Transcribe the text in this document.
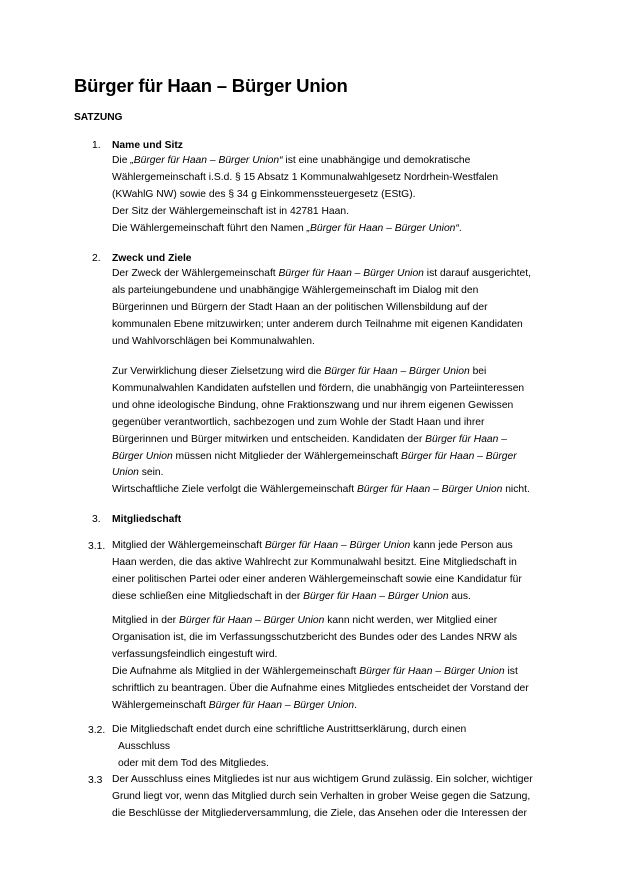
Bürger für Haan – Bürger Union
SATZUNG
1. Name und Sitz
Die „Bürger für Haan – Bürger Union“ ist eine unabhängige und demokratische
Wählergemeinschaft i.S.d. § 15 Absatz 1 Kommunalwahlgesetz Nordrhein-Westfalen
(KWahlG NW) sowie des § 34 g Einkommenssteuergesetz (EStG).
Der Sitz der Wählergemeinschaft ist in 42781 Haan.
Die Wählergemeinschaft führt den Namen „Bürger für Haan – Bürger Union“.
2. Zweck und Ziele
Der Zweck der Wählergemeinschaft Bürger für Haan – Bürger Union ist darauf ausgerichtet,
als parteiungebundene und unabhängige Wählergemeinschaft im Dialog mit den
Bürgerinnen und Bürgern der Stadt Haan an der politischen Willensbildung auf der
kommunalen Ebene mitzuwirken; unter anderem durch Teilnahme mit eigenen Kandidaten
und Wahlvorschlägen bei Kommunalwahlen.
Zur Verwirklichung dieser Zielsetzung wird die Bürger für Haan – Bürger Union bei
Kommunalwahlen Kandidaten aufstellen und fördern, die unabhängig von Parteiinteressen
und ohne ideologische Bindung, ohne Fraktionszwang und nur ihrem eigenen Gewissen
gegenüber verantwortlich, sachbezogen und zum Wohle der Stadt Haan und ihrer
Bürgerinnen und Bürger mitwirken und entscheiden. Kandidaten der Bürger für Haan –
Bürger Union müssen nicht Mitglieder der Wählergemeinschaft Bürger für Haan – Bürger
Union sein.
Wirtschaftliche Ziele verfolgt die Wählergemeinschaft Bürger für Haan – Bürger Union nicht.
3. Mitgliedschaft
3.1. Mitglied der Wählergemeinschaft Bürger für Haan – Bürger Union kann jede Person aus
Haan werden, die das aktive Wahlrecht zur Kommunalwahl besitzt. Eine Mitgliedschaft in
einer politischen Partei oder einer anderen Wählergemeinschaft sowie eine Kandidatur für
diese schließen eine Mitgliedschaft in der Bürger für Haan – Bürger Union aus.
Mitglied in der Bürger für Haan – Bürger Union kann nicht werden, wer Mitglied einer
Organisation ist, die im Verfassungsschutzbericht des Bundes oder des Landes NRW als
verfassungsfeindlich eingestuft wird.
Die Aufnahme als Mitglied in der Wählergemeinschaft Bürger für Haan – Bürger Union ist
schriftlich zu beantragen. Über die Aufnahme eines Mitgliedes entscheidet der Vorstand der
Wählergemeinschaft Bürger für Haan – Bürger Union.
3.2. Die Mitgliedschaft endet durch eine schriftliche Austrittserklärung, durch einen
Ausschluss
oder mit dem Tod des Mitgliedes.
3.3 Der Ausschluss eines Mitgliedes ist nur aus wichtigem Grund zulässig. Ein solcher, wichtiger
Grund liegt vor, wenn das Mitglied durch sein Verhalten in grober Weise gegen die Satzung,
die Beschlüsse der Mitgliederversammlung, die Ziele, das Ansehen oder die Interessen der
